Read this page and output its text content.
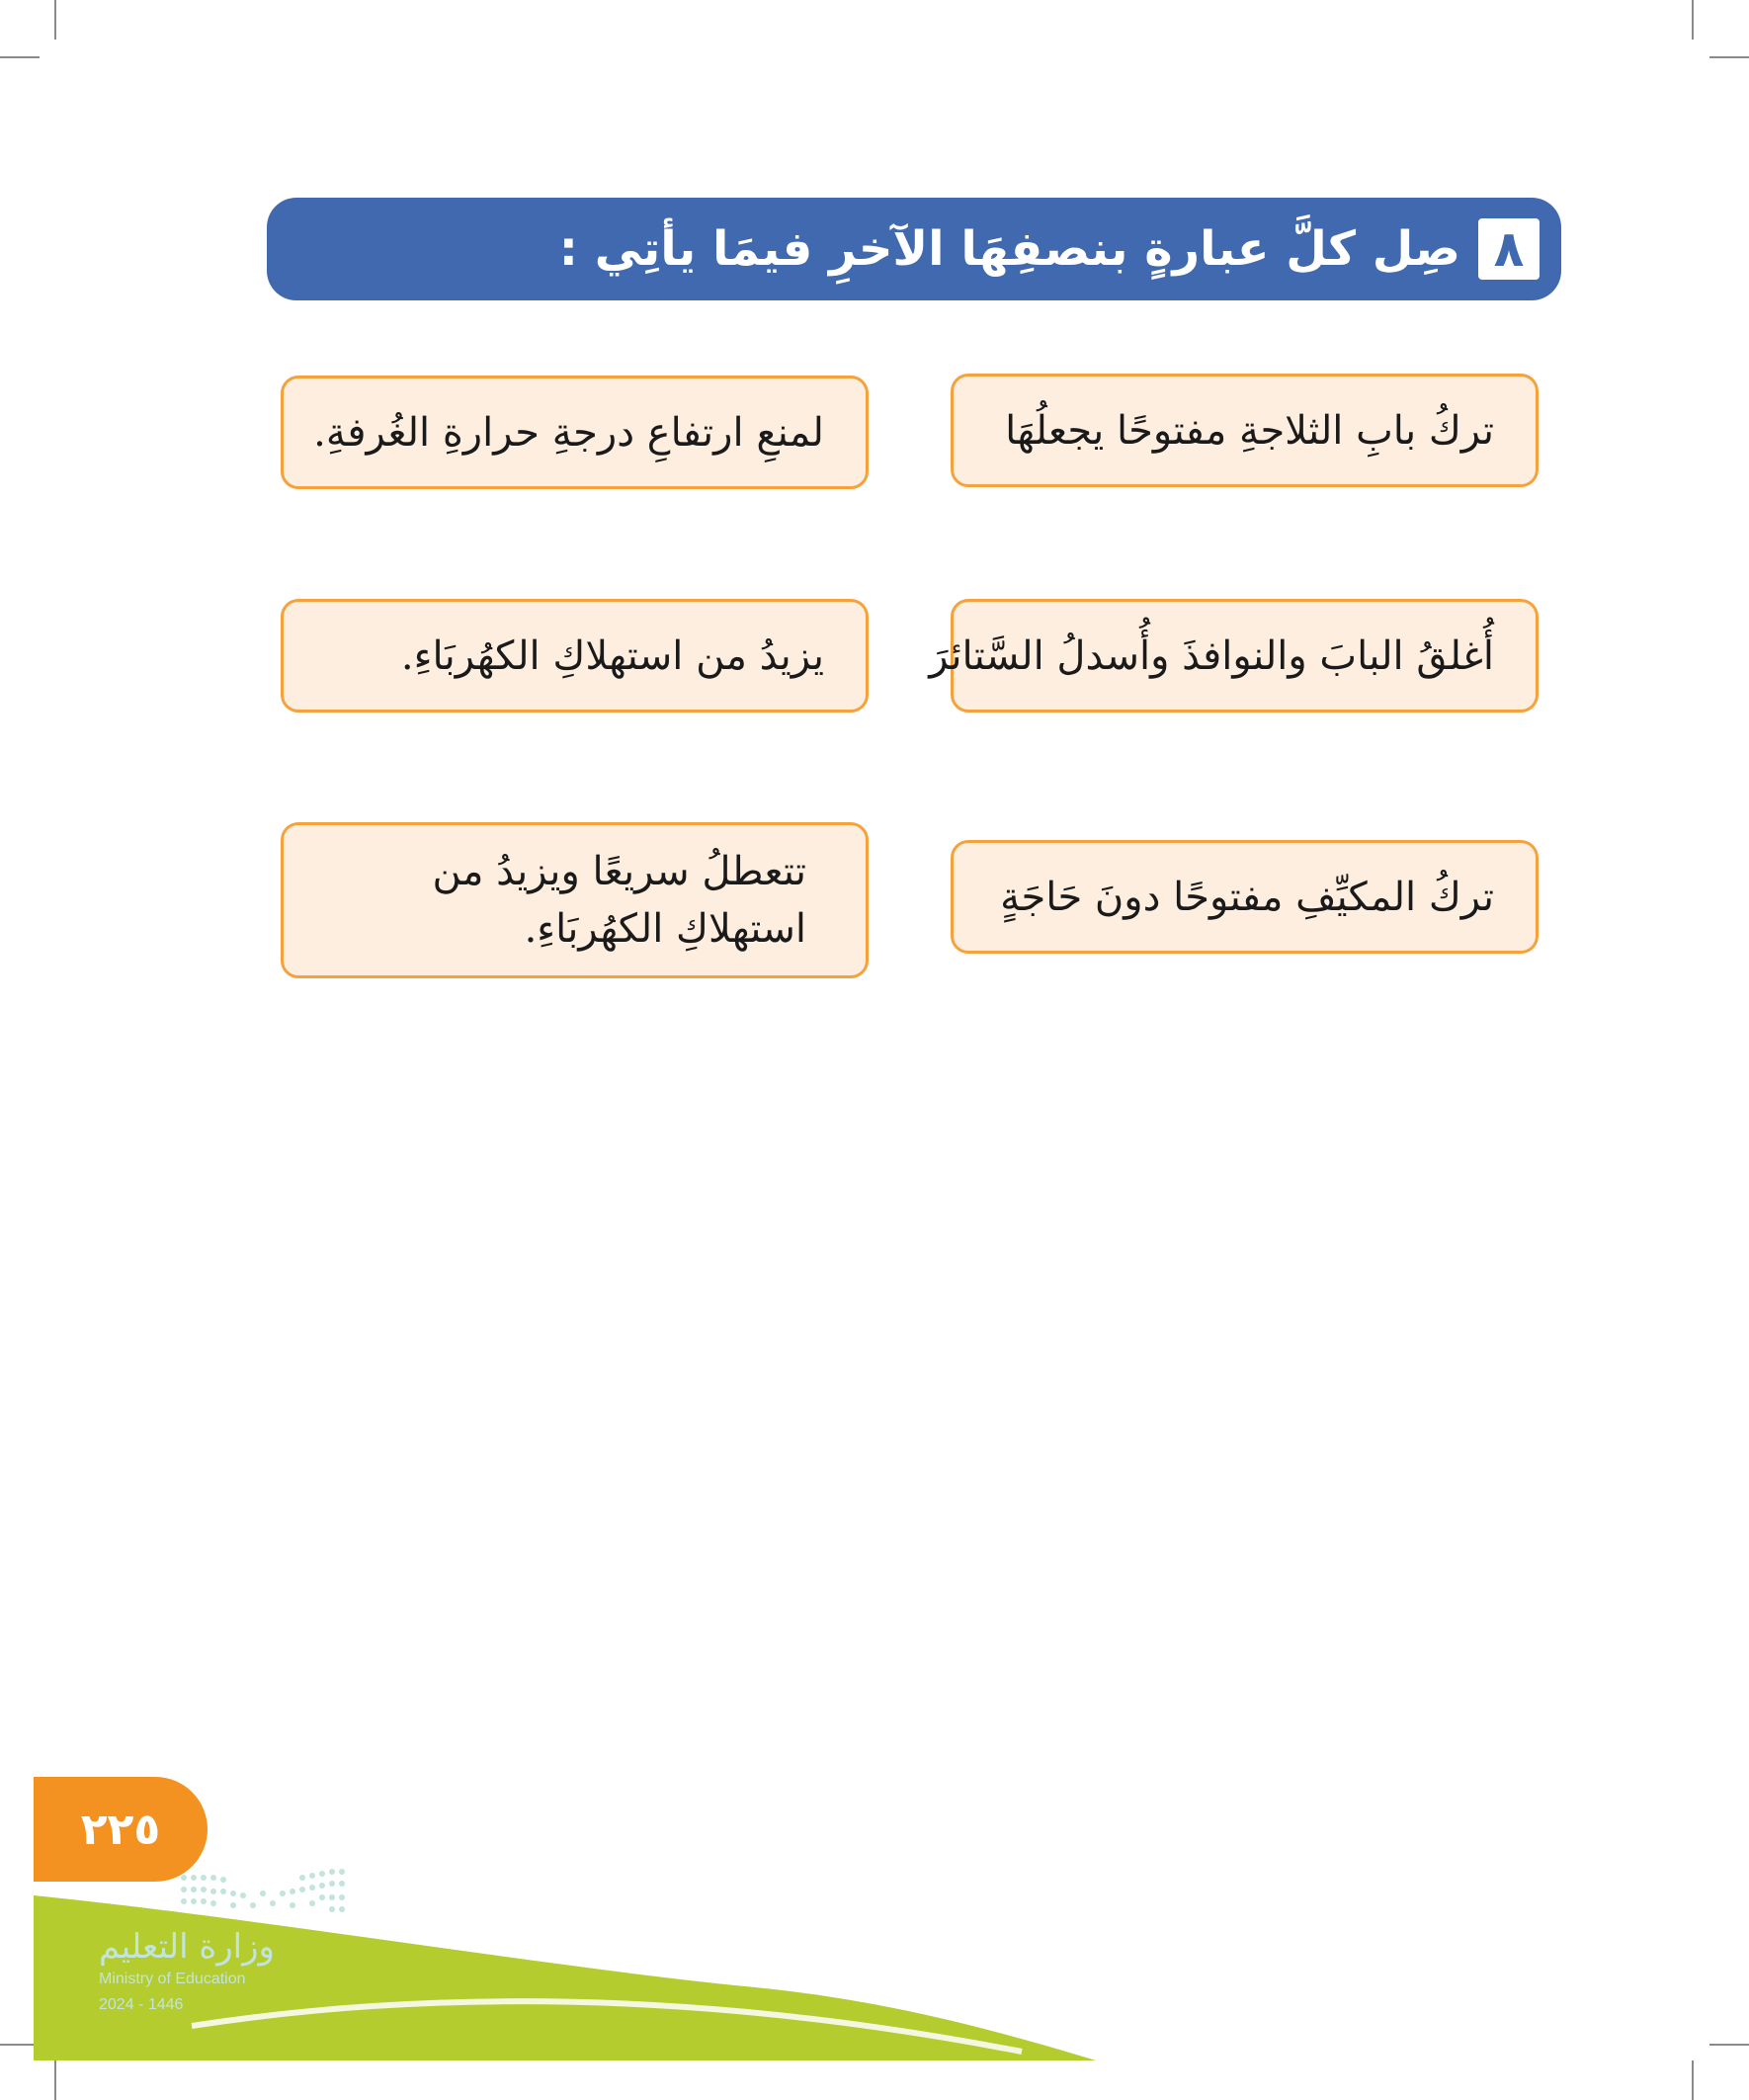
٨
صِل كلَّ عبارةٍ بنصفِهَا الآخرِ فيمَا يأتِي :
تركُ بابِ الثلاجةِ مفتوحًا يجعلُهَا
أُغلقُ البابَ والنوافذَ وأُسدلُ السَّتائرَ
تركُ المكيِّفِ مفتوحًا دونَ حَاجَةٍ
لمنعِ ارتفاعِ درجةِ حرارةِ الغُرفةِ.
يزيدُ من استهلاكِ الكهُربَاءِ.
تتعطلُ سريعًا ويزيدُ من استهلاكِ الكهُربَاءِ.
٢٢٥
وزارة التعليم
Ministry of Education
2024 - 1446
